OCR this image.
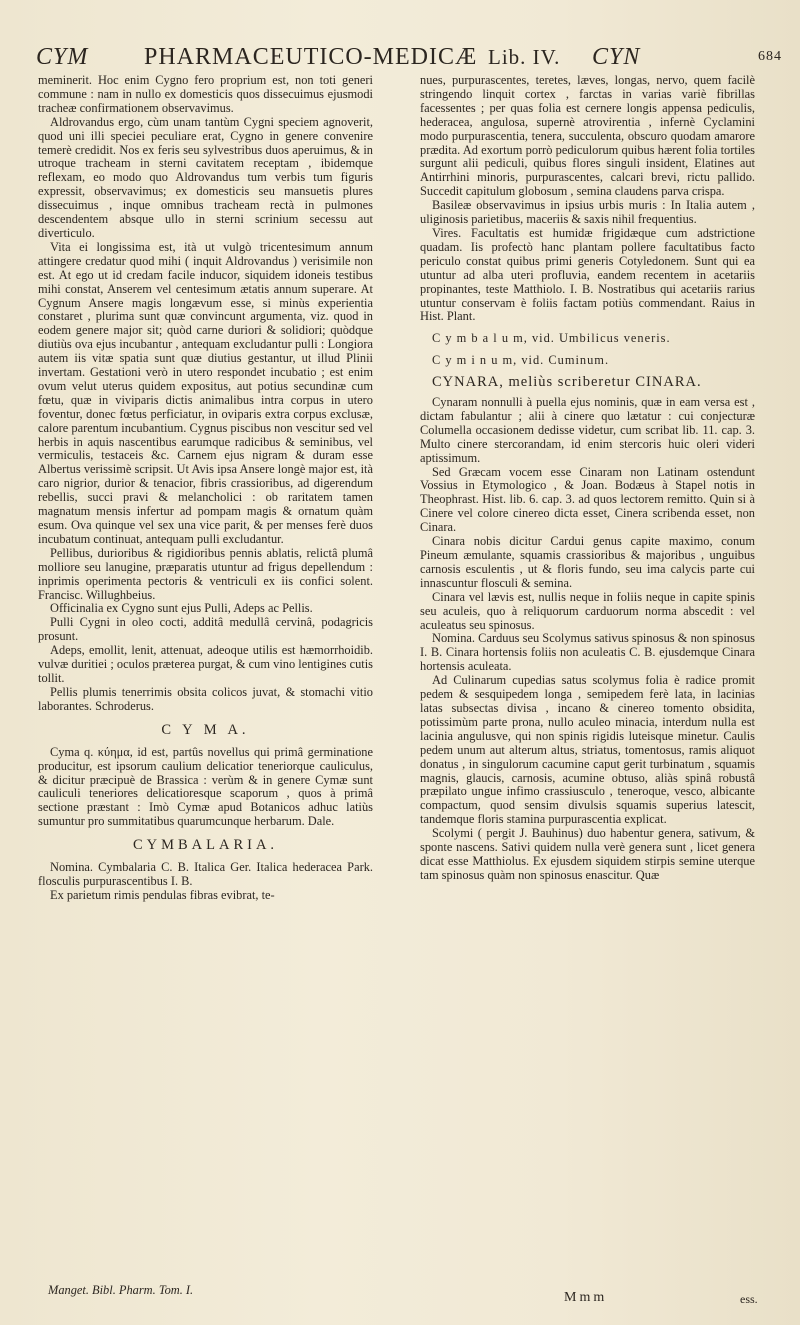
CYM PHARMACEUTICO-MEDICÆ Lib. IV. CYN	684

meminerit. Hoc enim Cygno fero proprium est, non toti generi commune : nam in nullo ex domesticis quos dissecuimus ejusmodi tracheæ confirmationem observavimus.

Aldrovandus ergo, cùm unam tantùm Cygni speciem agnoverit, quod uni illi speciei peculiare erat, Cygno in genere convenire temerè credidit. Nos ex feris seu sylvestribus duos aperuimus, & in utroque tracheam in sterni cavitatem receptam , ibidemque reflexam, eo modo quo Aldrovandus tum verbis tum figuris expressit, observavimus; ex domesticis seu mansuetis plures dissecuimus , inque omnibus tracheam rectà in pulmones descendentem absque ullo in sterni scrinium secessu aut diverticulo.

Vita ei longissima est, ità ut vulgò tricentesimum annum attingere credatur quod mihi ( inquit Aldrovandus ) verisimile non est. At ego ut id credam facile inducor, siquidem idoneis testibus mihi constat, Anserem vel centesimum ætatis annum superare. At Cygnum Ansere magis longævum esse, si minùs experientia constaret , plurima sunt quæ convincunt argumenta, viz. quod in eodem genere major sit; quòd carne duriori & solidiori; quòdque diutiùs ova ejus incubantur , antequam excludantur pulli : Longiora autem iis vitæ spatia sunt quæ diutius gestantur, ut illud Plinii invertam. Gestationi verò in utero respondet incubatio ; est enim ovum velut uterus quidem expositus, aut potius secundinæ cum fœtu, quæ in viviparis dictis animalibus intra corpus in utero foventur, donec fœtus perficiatur, in oviparis extra corpus exclusæ, calore parentum incubantium. Cygnus piscibus non vescitur sed vel herbis in aquis nascentibus earumque radicibus & seminibus, vel vermiculis, testaceis &c. Carnem ejus nigram & duram esse Albertus verissimè scripsit. Ut Avis ipsa Ansere longè major est, ità caro nigrior, durior & tenacior, fibris crassioribus, ad digerendum rebellis, succi pravi & melancholici : ob raritatem tamen magnatum mensis infertur ad pompam magis & ornatum quàm esum. Ova quinque vel sex una vice parit, & per menses ferè duos incubatum continuat, antequam pulli excludantur.

Pellibus, durioribus & rigidioribus pennis ablatis, relictâ plumâ molliore seu lanugine, præparatis utuntur ad frigus depellendum : inprimis operimenta pectoris & ventriculi ex iis confici solent. Francisc. Willughbeius.

Officinalia ex Cygno sunt ejus Pulli, Adeps ac Pellis.

Pulli Cygni in oleo cocti, additâ medullâ cervinâ, podagricis prosunt.

Adeps, emollit, lenit, attenuat, adeoque utilis est hæmorrhoidib. vulvæ duritiei ; oculos præterea purgat, & cum vino lentigines cutis tollit.

Pellis plumis tenerrimis obsita colicos juvat, & stomachi vitio laborantes. Schroderus.

C Y M A.

Cyma q. κύημα, id est, partûs novellus qui primâ germinatione producitur, est ipsorum caulium delicatior teneriorque cauliculus, & dicitur præcipuè de Brassica : verùm & in genere Cymæ sunt cauliculi teneriores delicatioresque scaporum , quos à primâ sectione præstant : Imò Cymæ apud Botanicos adhuc latiùs sumuntur pro summitatibus quarumcunque herbarum. Dale.

CYMBALARIA.

Nomina. Cymbalaria C. B. Italica Ger. Italica hederacea Park. flosculis purpurascentibus I. B.

Ex parietum rimis pendulas fibras evibrat, te-

nues, purpurascentes, teretes, læves, longas, nervo, quem facilè stringendo linquit cortex , farctas in varias variè fibrillas facessentes ; per quas folia est cernere longis appensa pediculis, hederacea, angulosa, supernè atrovirentia , infernè Cyclamini modo purpurascentia, tenera, succulenta, obscuro quodam amarore prædita. Ad exortum porrò pediculorum quibus hærent folia tortiles surgunt alii pediculi, quibus flores singuli insident, Elatines aut Antirrhini minoris, purpurascentes, calcari brevi, rictu pallido. Succedit capitulum globosum , semina claudens parva crispa.

Basileæ observavimus in ipsius urbis muris : In Italia autem , uliginosis parietibus, maceriis & saxis nihil frequentius.

Vires. Facultatis est humidæ frigidæque cum adstrictione quadam. Iis profectò hanc plantam pollere facultatibus facto periculo constat quibus primi generis Cotyledonem. Sunt qui ea utuntur ad alba uteri profluvia, eandem recentem in acetariis propinantes, teste Matthiolo. I. B. Nostratibus qui acetariis rarius utuntur conservam è foliis factam potiùs commendant. Raius in Hist. Plant.

C y m b a l u m, vid. Umbilicus veneris.

C y m i n u m, vid. Cuminum.

CYNARA, meliùs scriberetur CINARA.

Cynaram nonnulli à puella ejus nominis, quæ in eam versa est , dictam fabulantur ; alii à cinere quo lætatur : cui conjecturæ Columella occasionem dedisse videtur, cum scribat lib. 11. cap. 3. Multo cinere stercorandam, id enim stercoris huic oleri videri aptissimum.

Sed Græcam vocem esse Cinaram non Latinam ostendunt Vossius in Etymologico , & Joan. Bodæus à Stapel notis in Theophrast. Hist. lib. 6. cap. 3. ad quos lectorem remitto. Quin si à Cinere vel colore cinereo dicta esset, Cinera scribenda esset, non Cinara.

Cinara nobis dicitur Cardui genus capite maximo, conum Pineum æmulante, squamis crassioribus & majoribus , unguibus carnosis esculentis , ut & floris fundo, seu ima calycis parte cui innascuntur flosculi & semina.

Cinara vel lævis est, nullis neque in foliis neque in capite spinis seu aculeis, quo à reliquorum carduorum norma abscedit : vel aculeatus seu spinosus.

Nomina. Carduus seu Scolymus sativus spinosus & non spinosus I. B. Cinara hortensis foliis non aculeatis C. B. ejusdemque Cinara hortensis aculeata.

Ad Culinarum cupedias satus scolymus folia è radice promit pedem & sesquipedem longa , semipedem ferè lata, in lacinias latas subsectas divisa , incano & cinereo tomento obsidita, potissimùm parte prona, nullo aculeo minacia, interdum nulla est lacinia angulusve, qui non spinis rigidis luteisque minetur. Caulis pedem unum aut alterum altus, striatus, tomentosus, ramis aliquot donatus , in singulorum cacumine caput gerit turbinatum , squamis magnis, glaucis, carnosis, acumine obtuso, aliàs spinâ robustâ præpilato ungue infimo crassiusculo , teneroque, vesco, albicante compactum, quod sensim divulsis squamis superius latescit, tandemque floris stamina purpurascentia explicat.

Scolymi ( pergit J. Bauhinus) duo habentur genera, sativum, & sponte nascens. Sativi quidem nulla verè genera sunt , licet genera dicat esse Matthiolus. Ex ejusdem siquidem stirpis semine uterque tam spinosus quàm non spinosus enascitur. Quæ

Manget. Bibl. Pharm. Tom. I.	Mmm	ess.
